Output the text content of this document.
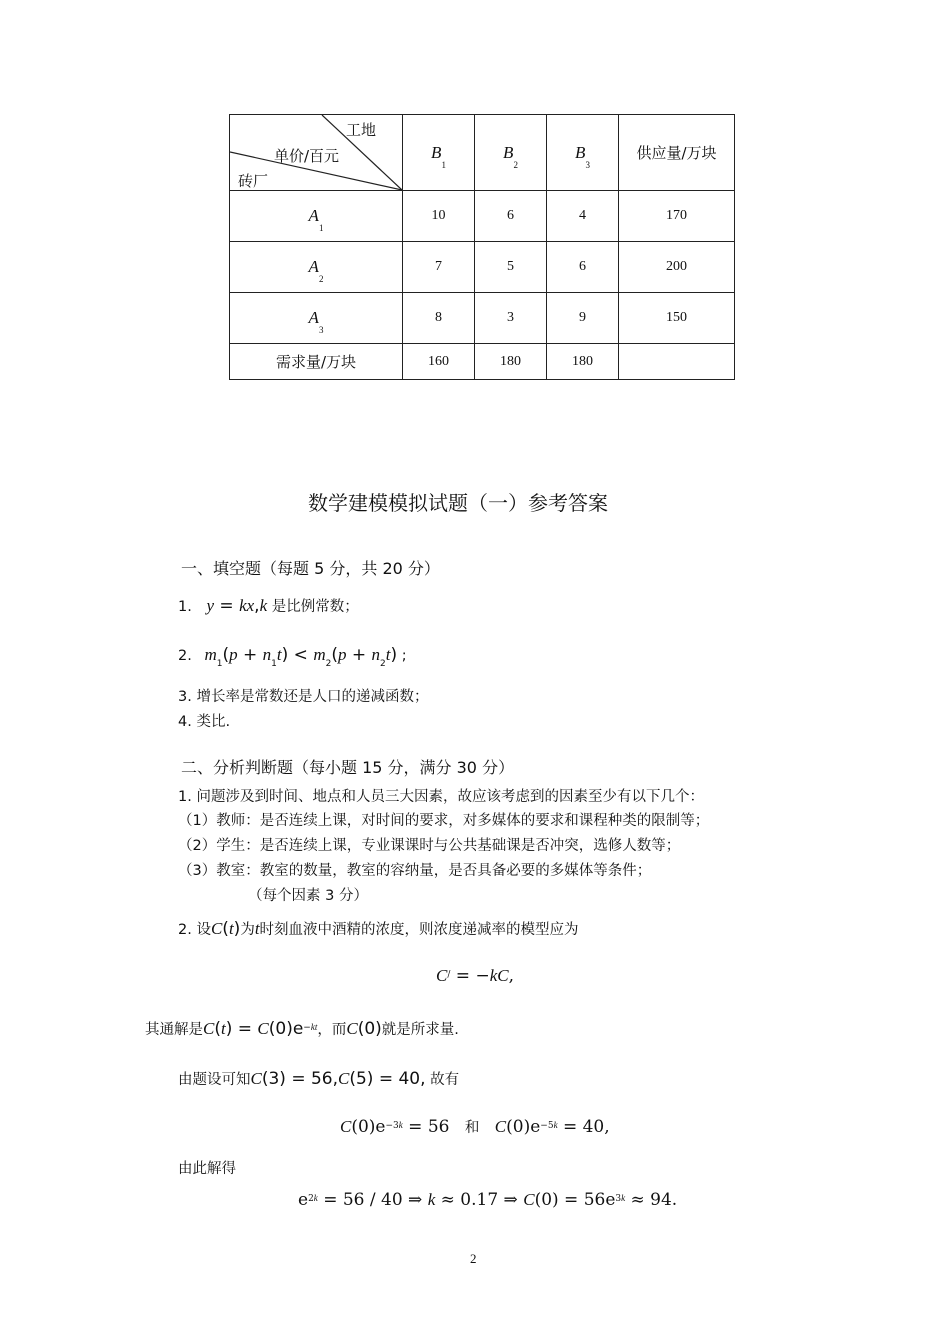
工地
单价/百元
砖厂	$B_1$	$B_2$	$B_3$	供应量/万块
$A_1$	10	6	4	170
$A_2$	7	5	6	200
$A_3$	8	3	9	150
需求量/万块	160	180	180	
数学建模模拟试题（一）参考答案
一、填空题（每题 5 分，共 20 分）
1. y = kx,k 是比例常数；
2. $m_1(p + n_1t) < m_2(p + n_2t)$ ;
3. 增长率是常数还是人口的递减函数；
4. 类比.
二、分析判断题（每小题 15 分，满分 30 分）
1. 问题涉及到时间、地点和人员三大因素，故应该考虑到的因素至少有以下几个：
（1）教师：是否连续上课，对时间的要求，对多媒体的要求和课程种类的限制等；
（2）学生：是否连续上课，专业课课时与公共基础课是否冲突，选修人数等；
（3）教室：教室的数量，教室的容纳量，是否具备必要的多媒体等条件；
（每个因素 3 分）
2. 设C(t)为t时刻血液中酒精的浓度，则浓度递减率的模型应为
C/ = −kC,
其通解是$C(t) = C(0)e^{-kt}$，而C(0)就是所求量.
由题设可知C(3) = 56,C(5) = 40, 故有
$C(0)e^{-3k} = 56$ 和 $C(0)e^{-5k} = 40$,
由此解得
$e^{2k} = 56 / 40$ ⇒ k ≈ 0.17 ⇒ $C(0) = 56e^{3k} \approx 94$.
2
